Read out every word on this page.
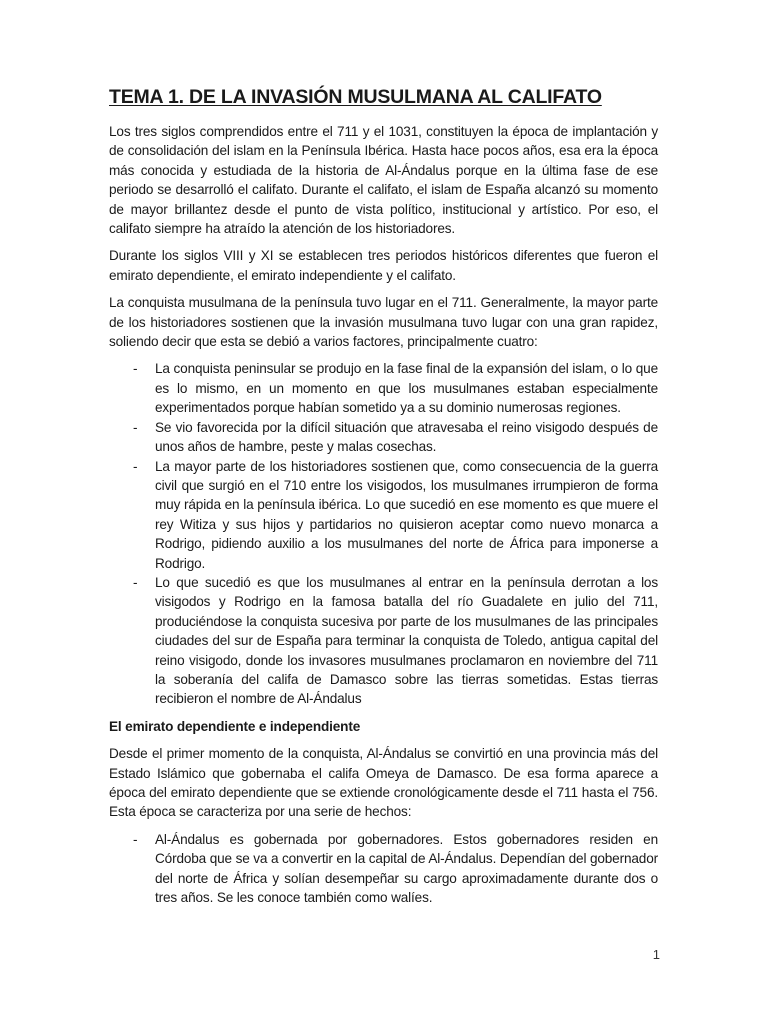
TEMA 1. DE LA INVASIÓN MUSULMANA AL CALIFATO

Los tres siglos comprendidos entre el 711 y el 1031, constituyen la época de implantación y de consolidación del islam en la Península Ibérica. Hasta hace pocos años, esa era la época más conocida y estudiada de la historia de Al-Ándalus porque en la última fase de ese periodo se desarrolló el califato. Durante el califato, el islam de España alcanzó su momento de mayor brillantez desde el punto de vista político, institucional y artístico. Por eso, el califato siempre ha atraído la atención de los historiadores.

Durante los siglos VIII y XI se establecen tres periodos históricos diferentes que fueron el emirato dependiente, el emirato independiente y el califato.

La conquista musulmana de la península tuvo lugar en el 711. Generalmente, la mayor parte de los historiadores sostienen que la invasión musulmana tuvo lugar con una gran rapidez, soliendo decir que esta se debió a varios factores, principalmente cuatro:

- La conquista peninsular se produjo en la fase final de la expansión del islam, o lo que es lo mismo, en un momento en que los musulmanes estaban especialmente experimentados porque habían sometido ya a su dominio numerosas regiones.
- Se vio favorecida por la difícil situación que atravesaba el reino visigodo después de unos años de hambre, peste y malas cosechas.
- La mayor parte de los historiadores sostienen que, como consecuencia de la guerra civil que surgió en el 710 entre los visigodos, los musulmanes irrumpieron de forma muy rápida en la península ibérica. Lo que sucedió en ese momento es que muere el rey Witiza y sus hijos y partidarios no quisieron aceptar como nuevo monarca a Rodrigo, pidiendo auxilio a los musulmanes del norte de África para imponerse a Rodrigo.
- Lo que sucedió es que los musulmanes al entrar en la península derrotan a los visigodos y Rodrigo en la famosa batalla del río Guadalete en julio del 711, produciéndose la conquista sucesiva por parte de los musulmanes de las principales ciudades del sur de España para terminar la conquista de Toledo, antigua capital del reino visigodo, donde los invasores musulmanes proclamaron en noviembre del 711 la soberanía del califa de Damasco sobre las tierras sometidas. Estas tierras recibieron el nombre de Al-Ándalus
El emirato dependiente e independiente

Desde el primer momento de la conquista, Al-Ándalus se convirtió en una provincia más del Estado Islámico que gobernaba el califa Omeya de Damasco. De esa forma aparece a época del emirato dependiente que se extiende cronológicamente desde el 711 hasta el 756. Esta época se caracteriza por una serie de hechos:

- Al-Ándalus es gobernada por gobernadores. Estos gobernadores residen en Córdoba que se va a convertir en la capital de Al-Ándalus. Dependían del gobernador del norte de África y solían desempeñar su cargo aproximadamente durante dos o tres años. Se les conoce también como walíes.
1
